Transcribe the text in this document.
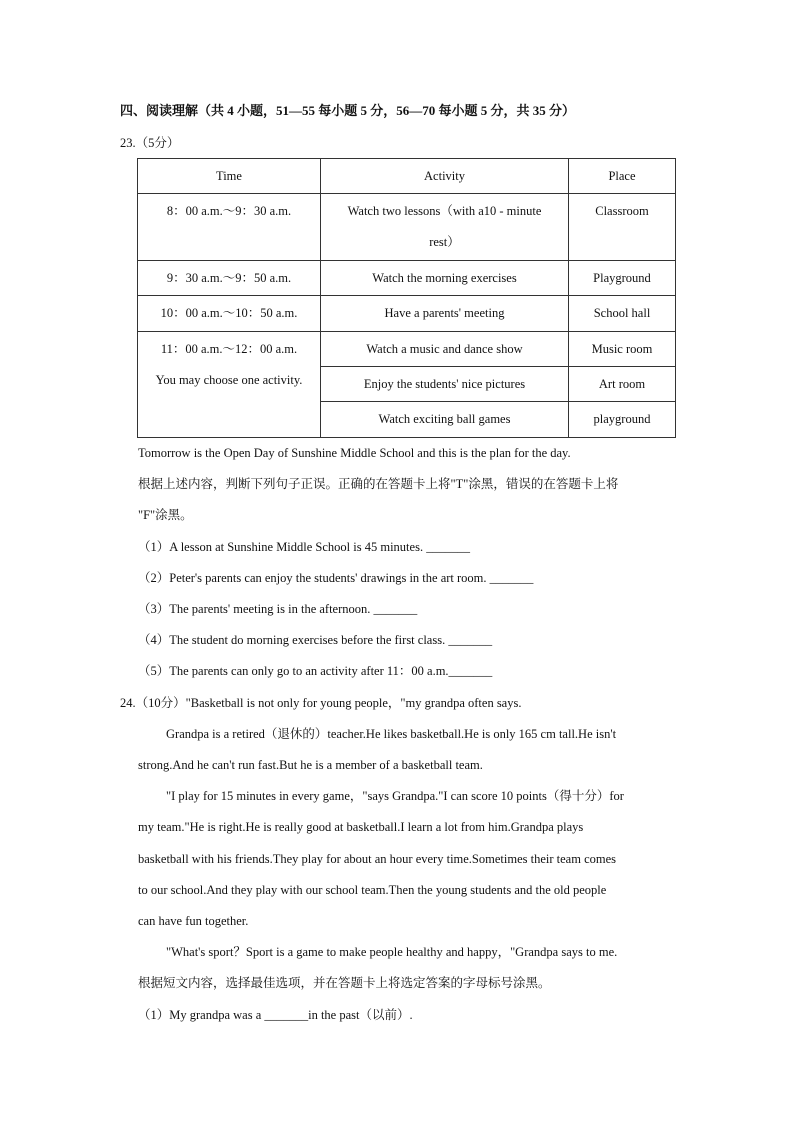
四、阅读理解（共 4 小题，51—55 每小题 5 分，56—70 每小题 5 分，共 35 分）
23.（5分）
Time	Activity	Place
8：00 a.m.～9：30 a.m.	Watch two lessons（with a10 - minute
rest）	Classroom
9：30 a.m.～9：50 a.m.	Watch the morning exercises	Playground
10：00 a.m.～10：50 a.m.	Have a parents' meeting	School hall

11：00 a.m.～12：00 a.m.
You may choose one activity.	Watch a music and dance show	Music room
	Enjoy the students' nice pictures	Art room
	Watch exciting ball games	playground
Tomorrow is the Open Day of Sunshine Middle School and this is the plan for the day.
根据上述内容，判断下列句子正误。正确的在答题卡上将"T"涂黑，错误的在答题卡上将
"F"涂黑。
（1）A lesson at Sunshine Middle School is 45 minutes. _______
（2）Peter's parents can enjoy the students' drawings in the art room. _______
（3）The parents' meeting is in the afternoon. _______
（4）The student do morning exercises before the first class. _______
（5）The parents can only go to an activity after 11：00 a.m._______
24.（10分）"Basketball is not only for young people，"my grandpa often says.
Grandpa is a retired（退休的）teacher.He likes basketball.He is only 165 cm tall.He isn't
strong.And he can't run fast.But he is a member of a basketball team.
"I play for 15 minutes in every game，"says Grandpa."I can score 10 points（得十分）for
my team."He is right.He is really good at basketball.I learn a lot from him.Grandpa plays
basketball with his friends.They play for about an hour every time.Sometimes their team comes
to our school.And they play with our school team.Then the young students and the old people
can have fun together.
"What's sport？Sport is a game to make people healthy and happy，"Grandpa says to me.
根据短文内容，选择最佳选项，并在答题卡上将选定答案的字母标号涂黑。
（1）My grandpa was a _______in the past（以前）.
